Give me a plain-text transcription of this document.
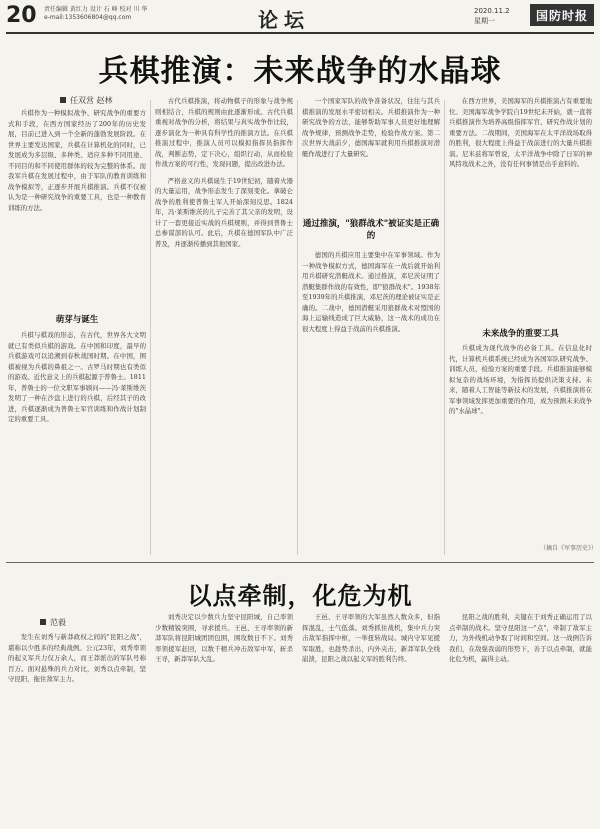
20 责任编辑 黄红力 设计 石 峰 校对 川 华
e-mail:1353606804@qq.com	论坛	2020.11.2
星期一	国防时报
兵棋推演：未来战争的水晶球
任双営 赵林

兵棋作为一种模拟战争、研究战争的重要方式和手段，在西方国家经历了200年的历史发展，目前已进入到一个全新的蓬勃发展阶段。在世界主要发达国家，兵棋在计算机化的同时，已发展成为多层级、多种类、适应多种不同用途、不同目的和不同使用群体的较为完整的体系。而我军兵棋在发展过程中，由于军队的教育训练和战争模拟等，正逐步开展兵棋推演。兵棋不仅被认为是一种研究战争的重要工具，也是一种教育训练的方法。

萌芽与诞生

兵棋与棋戏的形态，在古代，世界各大文明就已有类似兵棋的游戏。在中国和印度，最早的兵棋游戏可以追溯到春秋战国时期。在中国，围棋被视为兵棋的鼻祖之一。古罗马时期也有类似的游戏。近代意义上的兵棋起源于普鲁士。1811年，普鲁士的一位文职军事顾问——冯·莱斯维茨发明了一种在沙盘上进行的兵棋，后经其子的改进，兵棋逐渐成为普鲁士军官训练和作战计划制定的重要工具。

古代兵棋推演，将动物棋子的形象与战争规则相结合，兵棋的规则由此逐渐形成。古代兵棋重视对战争的分析，将结果与真实战争作比较，逐步演化为一种具有科学性的推演方法。在兵棋推演过程中，推演人员可以模拟指挥员指挥作战，判断态势，定下决心，组织行动，从而检验作战方案的可行性，发现问题，提出改进办法。

严格意义的兵棋诞生于19世纪初，随着火器的大量运用，战争形态发生了深刻变化。拿破仑战争的胜利使普鲁士军人开始深刻反思。1824年，冯·莱斯维茨的儿子完善了其父亲的发明，设计了一套更接近实战的兵棋规则，并得到普鲁士总参谋部的认可。此后，兵棋在德国军队中广泛普及，并逐渐传播到其他国家。

一个国家军队的战争准备状况，往往与其兵棋推演的发展水平密切相关。兵棋推演作为一种研究战争的方法，能够帮助军事人员更好地理解战争规律，预测战争走势，检验作战方案。第二次世界大战前夕，德国海军就利用兵棋推演对潜艇作战进行了大量研究。

通过推演，"狼群战术"被证实是正确的

德国的兵棋应用主要集中在军事领域。作为一种战争模拟方式，德国海军在一战后就开始利用兵棋研究潜艇战术。通过推演，邓尼茨证明了潜艇集群作战的有效性，即"狼群战术"。1938年至1939年的兵棋推演，邓尼茨的理论被证实是正确的。二战中，德国潜艇采用狼群战术对盟国的海上运输线造成了巨大威胁，这一战术的成功在很大程度上得益于战前的兵棋推演。

在西方世界，美国海军的兵棋推演占有重要地位。美国海军战争学院自19世纪末开始，就一直将兵棋推演作为培养高级指挥军官、研究作战计划的重要方法。二战期间，美国海军在太平洋战场取得的胜利，很大程度上得益于战前进行的大量兵棋推演。尼米兹将军曾说，太平洋战争中除了日军的神风特攻战术之外，没有任何事情是出乎意料的。

未来战争的重要工具

兵棋成为现代战争的必备工具。在信息化时代，计算机兵棋系统已经成为各国军队研究战争、训练人员、检验方案的重要手段。兵棋推演能够模拟复杂的战场环境，为指挥员提供决策支持。未来，随着人工智能等新技术的发展，兵棋推演将在军事领域发挥更加重要的作用，成为预测未来战争的"水晶球"。

（摘自《军事历史》）
以点牵制，化危为机
范毅

发生在刘秀与新莽政权之间的"昆阳之战"，堪称以少胜多的经典战例。公元23年，刘秀率领的起义军兵力仅万余人，而王莽派出的军队号称百万。面对悬殊的兵力对比，刘秀以点牵制，坚守昆阳，拖住敌军主力。

刘秀决定以少数兵力坚守昆阳城，自己率领少数精锐突围，寻求援兵。王邑、王寻率领的新莽军队将昆阳城团团包围，围攻数日不下。刘秀率领援军赶回，以数千精兵冲击敌军中军，斩杀王寻，新莽军队大乱。

王邑、王寻率领的大军虽然人数众多，但指挥混乱，士气低落。刘秀抓住战机，集中兵力突击敌军指挥中枢，一举扭转战局。城内守军见援军取胜，也趁势杀出，内外夹击，新莽军队全线崩溃，昆阳之战以起义军的胜利告终。

昆阳之战的胜利，关键在于刘秀正确运用了以点牵制的战术。坚守昆阳这一"点"，牵制了敌军主力，为外线机动争取了时间和空间。这一战例告诉我们，在敌强我弱的形势下，善于以点牵制，就能化危为机，赢得主动。
